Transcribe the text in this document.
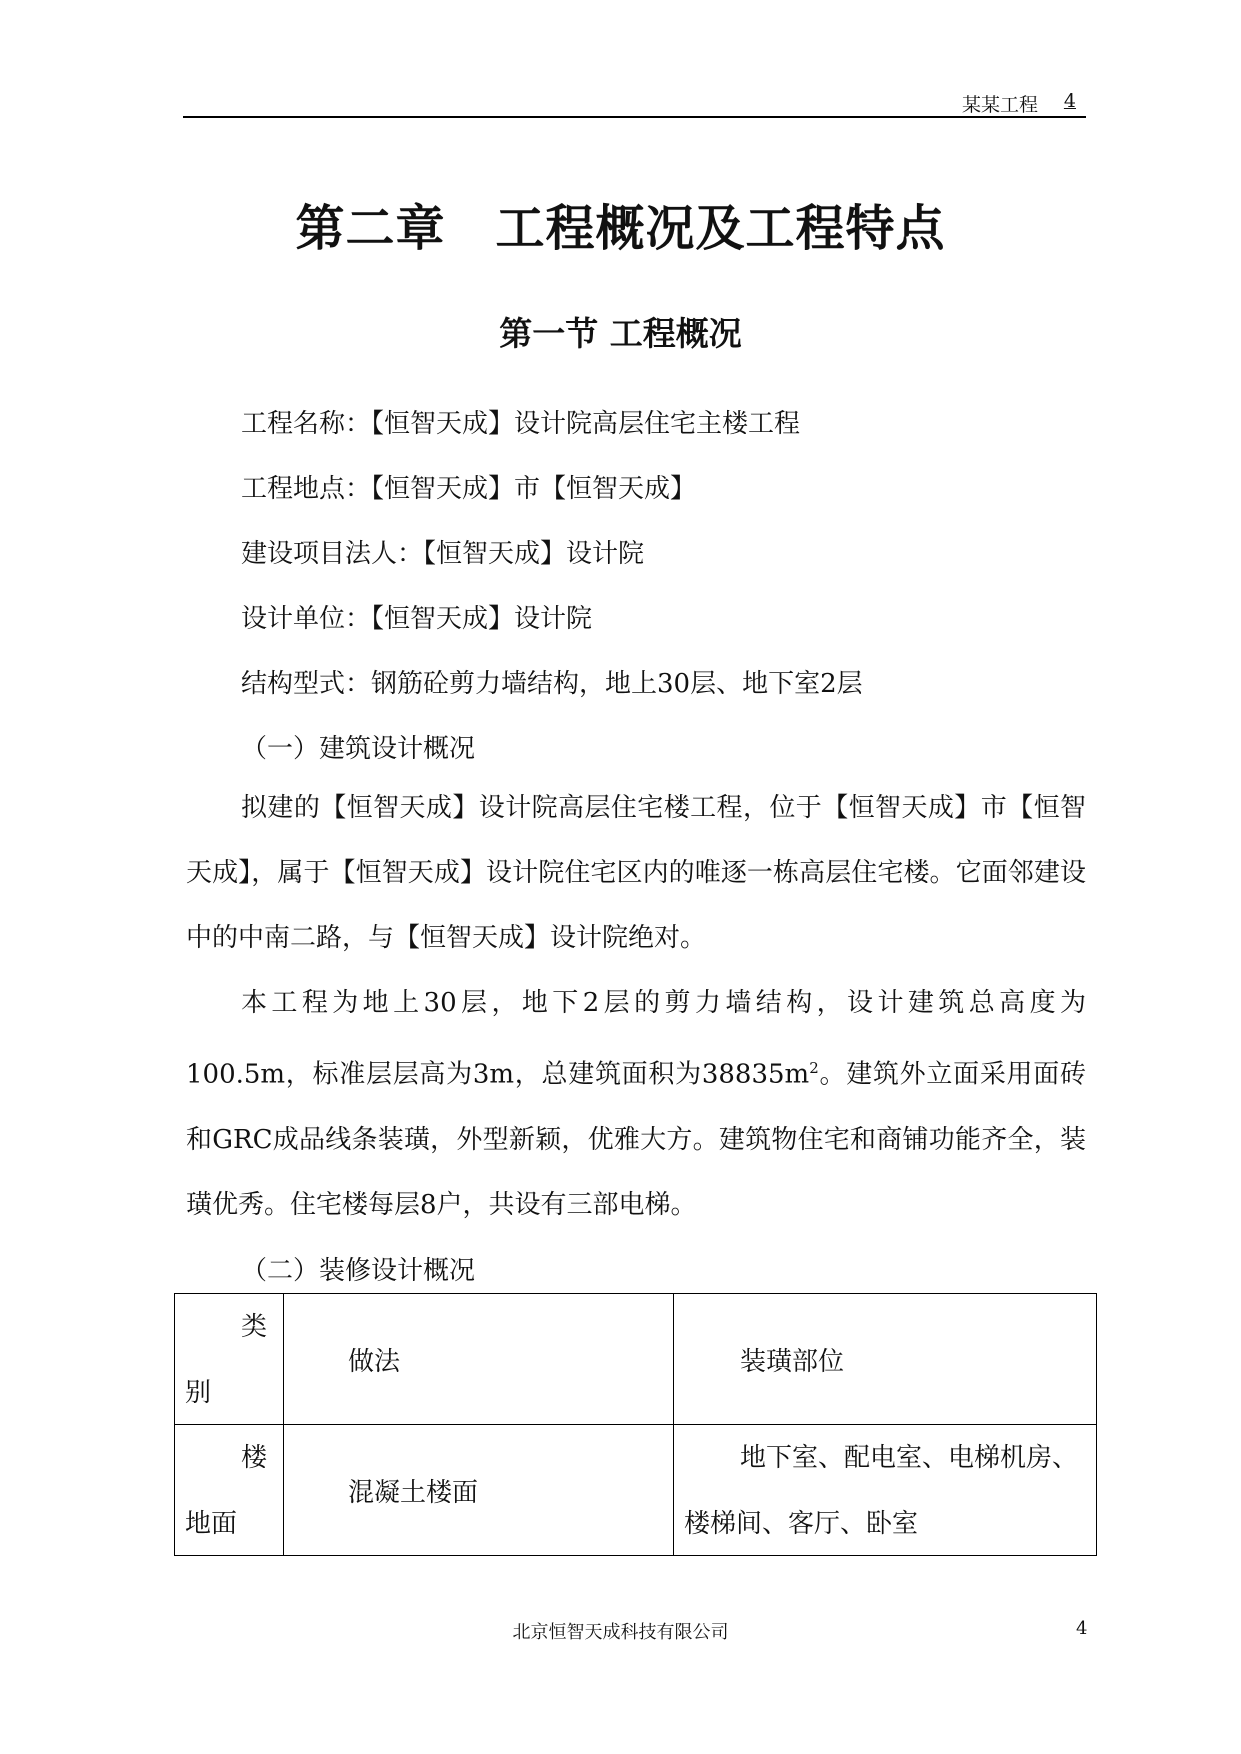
某某工程 4
第二章　工程概况及工程特点
第一节 工程概况
工程名称：【恒智天成】设计院高层住宅主楼工程
工程地点：【恒智天成】市【恒智天成】
建设项目法人：【恒智天成】设计院
设计单位：【恒智天成】设计院
结构型式：钢筋砼剪力墙结构，地上30层、地下室2层
（一）建筑设计概况

拟建的【恒智天成】设计院高层住宅楼工程，位于【恒智天成】市【恒智天成】，属于【恒智天成】设计院住宅区内的唯逐一栋高层住宅楼。它面邻建设中的中南二路，与【恒智天成】设计院绝对。

本工程为地上30层，地下2层的剪力墙结构，设计建筑总高度为100.5m，标准层层高为3m，总建筑面积为$38835m^2$。建筑外立面采用面砖和GRC成品线条装璜，外型新颖，优雅大方。建筑物住宅和商铺功能齐全，装璜优秀。住宅楼每层8户，共设有三部电梯。

（二）装修设计概况
类
别	做法	装璜部位

楼
地面	混凝土楼面	地下室、配电室、电梯机房、
楼梯间、客厅、卧室
北京恒智天成科技有限公司	4
